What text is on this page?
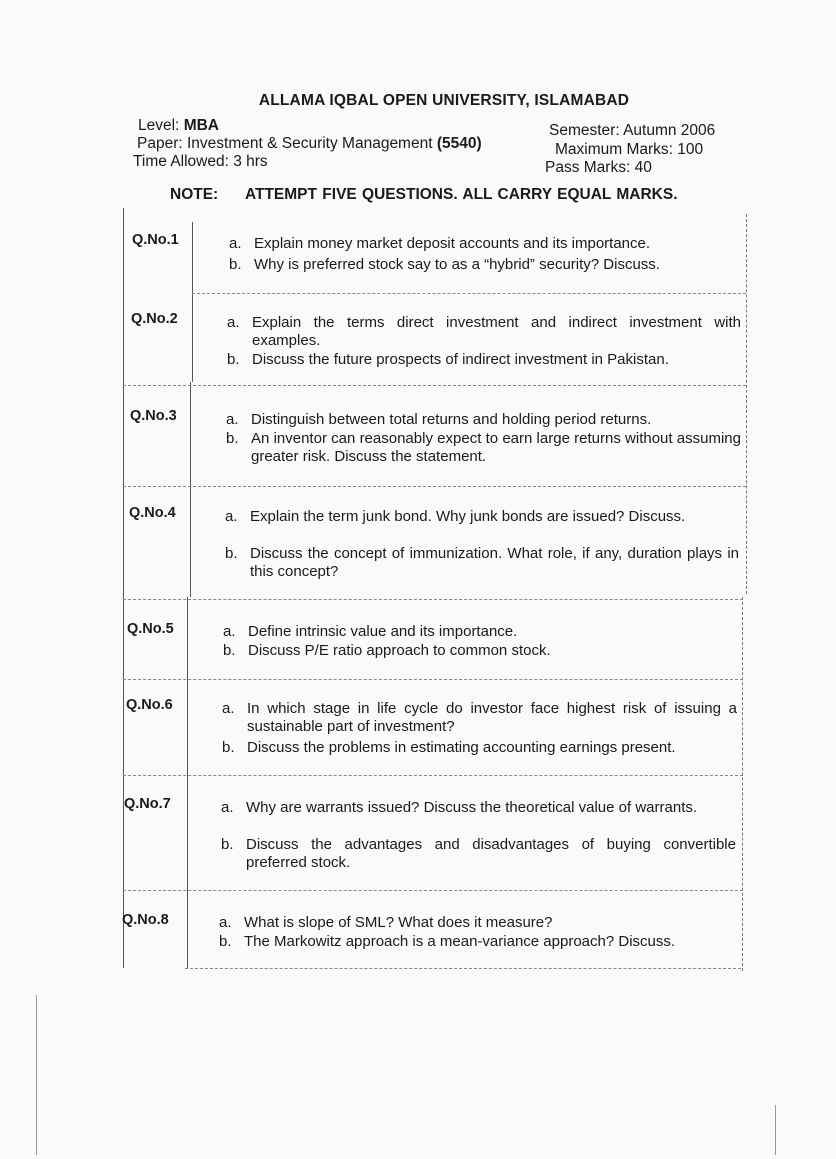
ALLAMA IQBAL OPEN UNIVERSITY, ISLAMABAD
Level: MBA
Paper: Investment & Security Management (5540)
Time Allowed: 3 hrs
Semester: Autumn 2006
Maximum Marks: 100
Pass Marks: 40
NOTE: ATTEMPT FIVE QUESTIONS. ALL CARRY EQUAL MARKS.
Q.No.1	a. Explain money market deposit accounts and its importance.
b. Why is preferred stock say to as a “hybrid” security? Discuss.
Q.No.2	a. Explain the terms direct investment and indirect investment with examples.
b. Discuss the future prospects of indirect investment in Pakistan.
Q.No.3	a. Distinguish between total returns and holding period returns.
b. An inventor can reasonably expect to earn large returns without assuming greater risk. Discuss the statement.
Q.No.4	a. Explain the term junk bond. Why junk bonds are issued? Discuss.
b. Discuss the concept of immunization. What role, if any, duration plays in this concept?
Q.No.5	a. Define intrinsic value and its importance.
b. Discuss P/E ratio approach to common stock.
Q.No.6	a. In which stage in life cycle do investor face highest risk of issuing a sustainable part of investment?
b. Discuss the problems in estimating accounting earnings present.
Q.No.7	a. Why are warrants issued? Discuss the theoretical value of warrants.
b. Discuss the advantages and disadvantages of buying convertible preferred stock.
Q.No.8	a. What is slope of SML? What does it measure?
b. The Markowitz approach is a mean-variance approach? Discuss.
